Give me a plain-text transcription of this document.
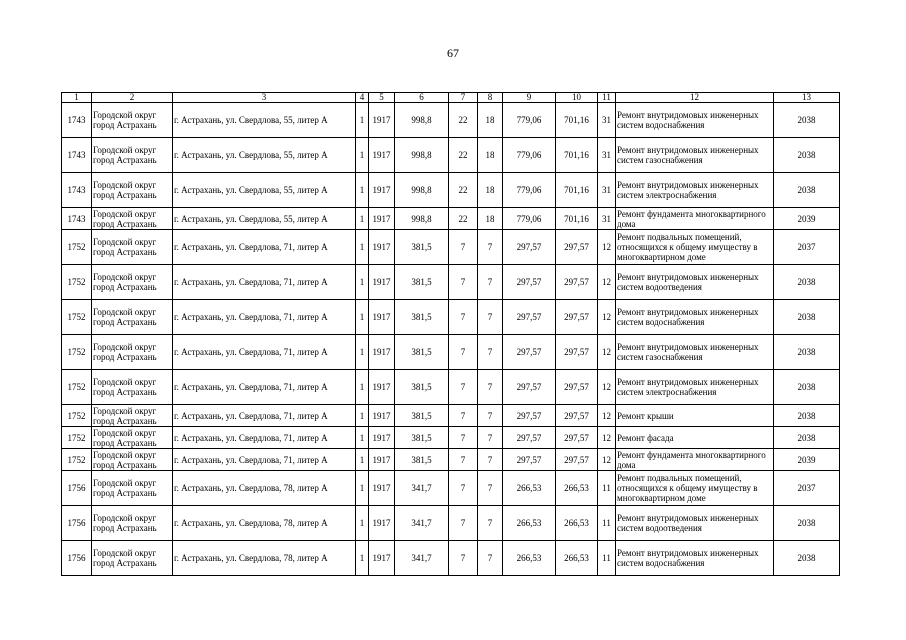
67
1	2	3	4	5	6	7	8	9	10	11	12	13
1743	Городской округ город Астрахань	г. Астрахань, ул. Свердлова, 55, литер А	1	1917	998,8	22	18	779,06	701,16	31	Ремонт внутридомовых инженерных систем водоснабжения	2038
1743	Городской округ город Астрахань	г. Астрахань, ул. Свердлова, 55, литер А	1	1917	998,8	22	18	779,06	701,16	31	Ремонт внутридомовых инженерных систем газоснабжения	2038
1743	Городской округ город Астрахань	г. Астрахань, ул. Свердлова, 55, литер А	1	1917	998,8	22	18	779,06	701,16	31	Ремонт внутридомовых инженерных систем электроснабжения	2038
1743	Городской округ город Астрахань	г. Астрахань, ул. Свердлова, 55, литер А	1	1917	998,8	22	18	779,06	701,16	31	Ремонт фундамента многоквартирного дома	2039
1752	Городской округ город Астрахань	г. Астрахань, ул. Свердлова, 71, литер А	1	1917	381,5	7	7	297,57	297,57	12	Ремонт подвальных помещений, относящихся к общему имуществу в многоквартирном доме	2037
1752	Городской округ город Астрахань	г. Астрахань, ул. Свердлова, 71, литер А	1	1917	381,5	7	7	297,57	297,57	12	Ремонт внутридомовых инженерных систем водоотведения	2038
1752	Городской округ город Астрахань	г. Астрахань, ул. Свердлова, 71, литер А	1	1917	381,5	7	7	297,57	297,57	12	Ремонт внутридомовых инженерных систем водоснабжения	2038
1752	Городской округ город Астрахань	г. Астрахань, ул. Свердлова, 71, литер А	1	1917	381,5	7	7	297,57	297,57	12	Ремонт внутридомовых инженерных систем газоснабжения	2038
1752	Городской округ город Астрахань	г. Астрахань, ул. Свердлова, 71, литер А	1	1917	381,5	7	7	297,57	297,57	12	Ремонт внутридомовых инженерных систем электроснабжения	2038
1752	Городской округ город Астрахань	г. Астрахань, ул. Свердлова, 71, литер А	1	1917	381,5	7	7	297,57	297,57	12	Ремонт крыши	2038
1752	Городской округ город Астрахань	г. Астрахань, ул. Свердлова, 71, литер А	1	1917	381,5	7	7	297,57	297,57	12	Ремонт фасада	2038
1752	Городской округ город Астрахань	г. Астрахань, ул. Свердлова, 71, литер А	1	1917	381,5	7	7	297,57	297,57	12	Ремонт фундамента многоквартирного дома	2039
1756	Городской округ город Астрахань	г. Астрахань, ул. Свердлова, 78, литер А	1	1917	341,7	7	7	266,53	266,53	11	Ремонт подвальных помещений, относящихся к общему имуществу в многоквартирном доме	2037
1756	Городской округ город Астрахань	г. Астрахань, ул. Свердлова, 78, литер А	1	1917	341,7	7	7	266,53	266,53	11	Ремонт внутридомовых инженерных систем водоотведения	2038
1756	Городской округ город Астрахань	г. Астрахань, ул. Свердлова, 78, литер А	1	1917	341,7	7	7	266,53	266,53	11	Ремонт внутридомовых инженерных систем водоснабжения	2038
